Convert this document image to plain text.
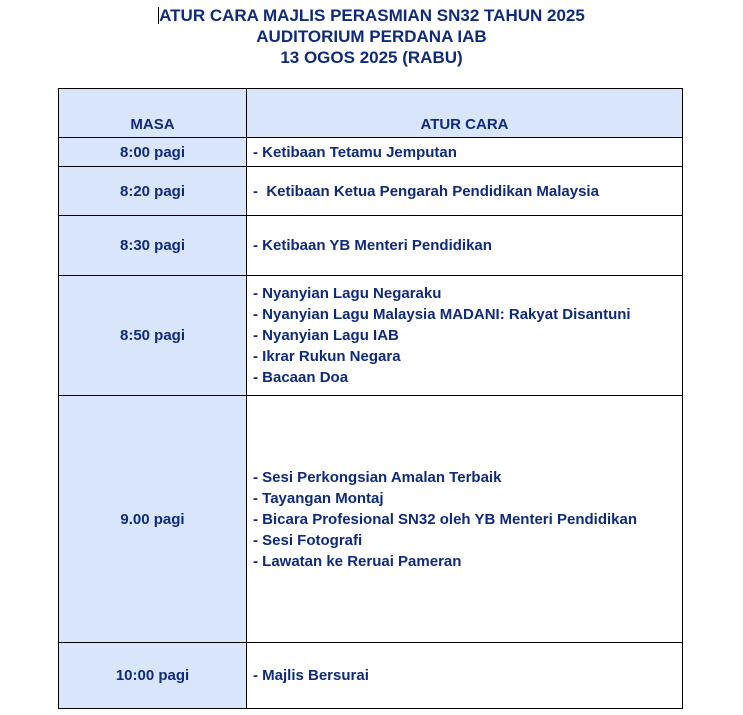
ATUR CARA MAJLIS PERASMIAN SN32 TAHUN 2025
AUDITORIUM PERDANA IAB
13 OGOS 2025 (RABU)
MASA	ATUR CARA
8:00 pagi	- Ketibaan Tetamu Jemputan

8:20 pagi	-  Ketibaan Ketua Pengarah Pendidikan Malaysia

8:30 pagi	- Ketibaan YB Menteri Pendidikan

8:50 pagi	- Nyanyian Lagu Negaraku
- Nyanyian Lagu Malaysia MADANI: Rakyat Disantuni
- Nyanyian Lagu IAB
- Ikrar Rukun Negara
- Bacaan Doa

9.00 pagi	- Sesi Perkongsian Amalan Terbaik
- Tayangan Montaj
- Bicara Profesional SN32 oleh YB Menteri Pendidikan
- Sesi Fotografi
- Lawatan ke Reruai Pameran

10:00 pagi	- Majlis Bersurai
